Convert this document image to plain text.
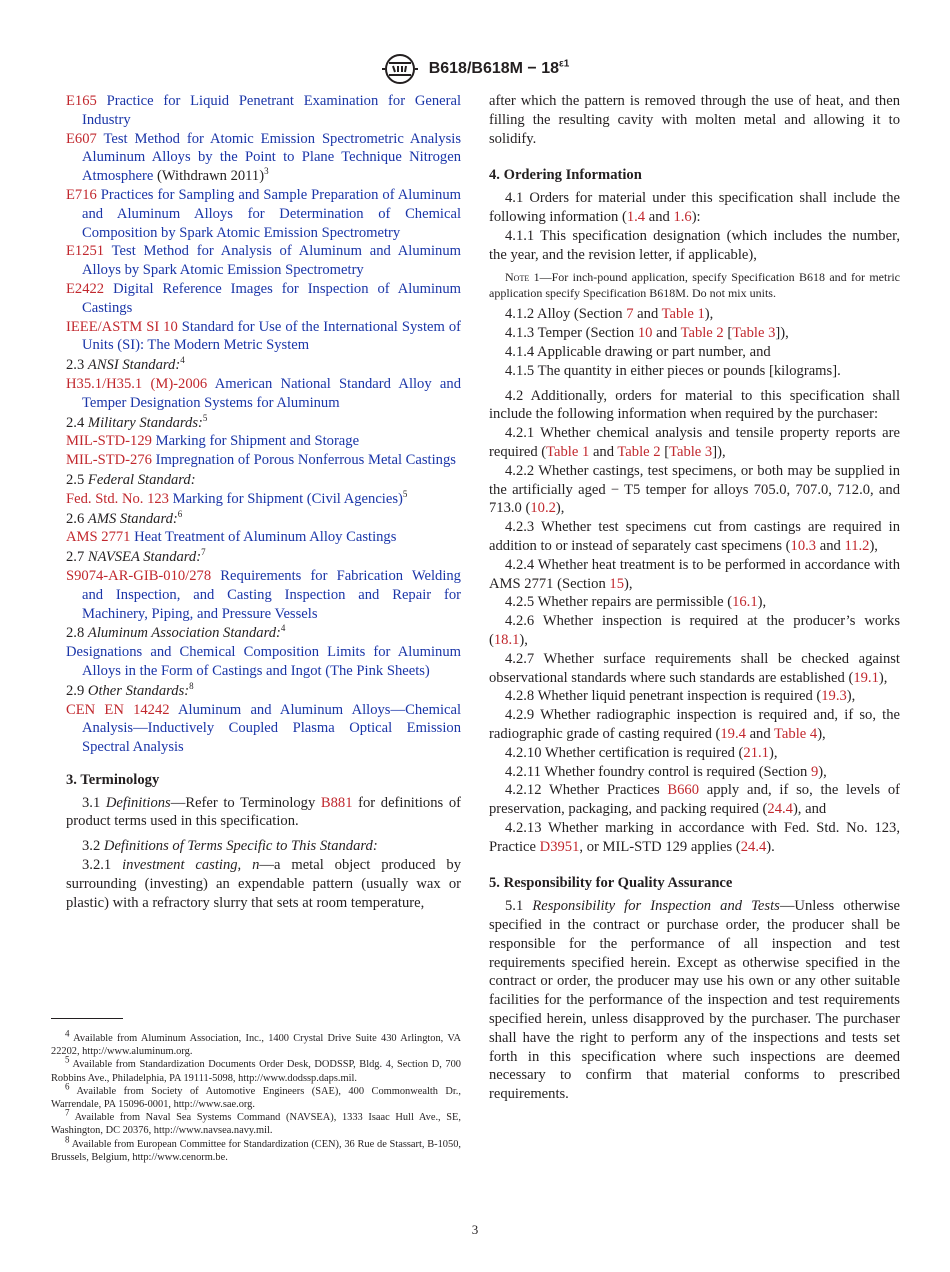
$B618/B618M - 18^{\varepsilon 1}$

E165 Practice for Liquid Penetrant Examination for General Industry

E607 Test Method for Atomic Emission Spectrometric Analysis Aluminum Alloys by the Point to Plane Technique Nitrogen Atmosphere (Withdrawn 2011)$^3$

E716 Practices for Sampling and Sample Preparation of Aluminum and Aluminum Alloys for Determination of Chemical Composition by Spark Atomic Emission Spectrometry

E1251 Test Method for Analysis of Aluminum and Aluminum Alloys by Spark Atomic Emission Spectrometry

E2422 Digital Reference Images for Inspection of Aluminum Castings

IEEE/ASTM SI 10 Standard for Use of the International System of Units (SI): The Modern Metric System

2.3 ANSI Standard:$^4$

H35.1/H35.1 (M)-2006 American National Standard Alloy and Temper Designation Systems for Aluminum

2.4 Military Standards:$^5$

MIL-STD-129 Marking for Shipment and Storage

MIL-STD-276 Impregnation of Porous Nonferrous Metal Castings

2.5 Federal Standard:

Fed. Std. No. 123 Marking for Shipment (Civil Agencies)$^5$

2.6 AMS Standard:$^6$

AMS 2771 Heat Treatment of Aluminum Alloy Castings

2.7 NAVSEA Standard:$^7$

S9074-AR-GIB-010/278 Requirements for Fabrication Welding and Inspection, and Casting Inspection and Repair for Machinery, Piping, and Pressure Vessels

2.8 Aluminum Association Standard:$^4$

Designations and Chemical Composition Limits for Aluminum Alloys in the Form of Castings and Ingot (The Pink Sheets)

2.9 Other Standards:$^8$

CEN EN 14242 Aluminum and Aluminum Alloys—Chemical Analysis—Inductively Coupled Plasma Optical Emission Spectral Analysis

3. Terminology

3.1 Definitions—Refer to Terminology B881 for definitions of product terms used in this specification.

3.2 Definitions of Terms Specific to This Standard:

3.2.1 investment casting, n—a metal object produced by surrounding (investing) an expendable pattern (usually wax or plastic) with a refractory slurry that sets at room temperature,

after which the pattern is removed through the use of heat, and then filling the resulting cavity with molten metal and allowing it to solidify.

4. Ordering Information

4.1 Orders for material under this specification shall include the following information (1.4 and 1.6):

4.1.1 This specification designation (which includes the number, the year, and the revision letter, if applicable),

Note 1—For inch-pound application, specify Specification B618 and for metric application specify Specification B618M. Do not mix units.

4.1.2 Alloy (Section 7 and Table 1),

4.1.3 Temper (Section 10 and Table 2 [Table 3]),

4.1.4 Applicable drawing or part number, and

4.1.5 The quantity in either pieces or pounds [kilograms].

4.2 Additionally, orders for material to this specification shall include the following information when required by the purchaser:

4.2.1 Whether chemical analysis and tensile property reports are required (Table 1 and Table 2 [Table 3]),

4.2.2 Whether castings, test specimens, or both may be supplied in the artificially aged − T5 temper for alloys 705.0, 707.0, 712.0, and 713.0 (10.2),

4.2.3 Whether test specimens cut from castings are required in addition to or instead of separately cast specimens (10.3 and 11.2),

4.2.4 Whether heat treatment is to be performed in accordance with AMS 2771 (Section 15),

4.2.5 Whether repairs are permissible (16.1),

4.2.6 Whether inspection is required at the producer’s works (18.1),

4.2.7 Whether surface requirements shall be checked against observational standards where such standards are established (19.1),

4.2.8 Whether liquid penetrant inspection is required (19.3),

4.2.9 Whether radiographic inspection is required and, if so, the radiographic grade of casting required (19.4 and Table 4),

4.2.10 Whether certification is required (21.1),

4.2.11 Whether foundry control is required (Section 9),

4.2.12 Whether Practices B660 apply and, if so, the levels of preservation, packaging, and packing required (24.4), and

4.2.13 Whether marking in accordance with Fed. Std. No. 123, Practice D3951, or MIL-STD 129 applies (24.4).

5. Responsibility for Quality Assurance

5.1 Responsibility for Inspection and Tests—Unless otherwise specified in the contract or purchase order, the producer shall be responsible for the performance of all inspection and test requirements specified herein. Except as otherwise specified in the contract or order, the producer may use his own or any other suitable facilities for the performance of the inspection and test requirements specified herein, unless disapproved by the purchaser. The purchaser shall have the right to perform any of the inspections and tests set forth in this specification where such inspections are deemed necessary to confirm that material conforms to prescribed requirements.

$^4$ Available from Aluminum Association, Inc., 1400 Crystal Drive Suite 430 Arlington, VA 22202, http://www.aluminum.org.

$^5$ Available from Standardization Documents Order Desk, DODSSP, Bldg. 4, Section D, 700 Robbins Ave., Philadelphia, PA 19111-5098, http://www.dodssp.daps.mil.

$^6$ Available from Society of Automotive Engineers (SAE), 400 Commonwealth Dr., Warrendale, PA 15096-0001, http://www.sae.org.

$^7$ Available from Naval Sea Systems Command (NAVSEA), 1333 Isaac Hull Ave., SE, Washington, DC 20376, http://www.navsea.navy.mil.

$^8$ Available from European Committee for Standardization (CEN), 36 Rue de Stassart, B-1050, Brussels, Belgium, http://www.cenorm.be.

3
